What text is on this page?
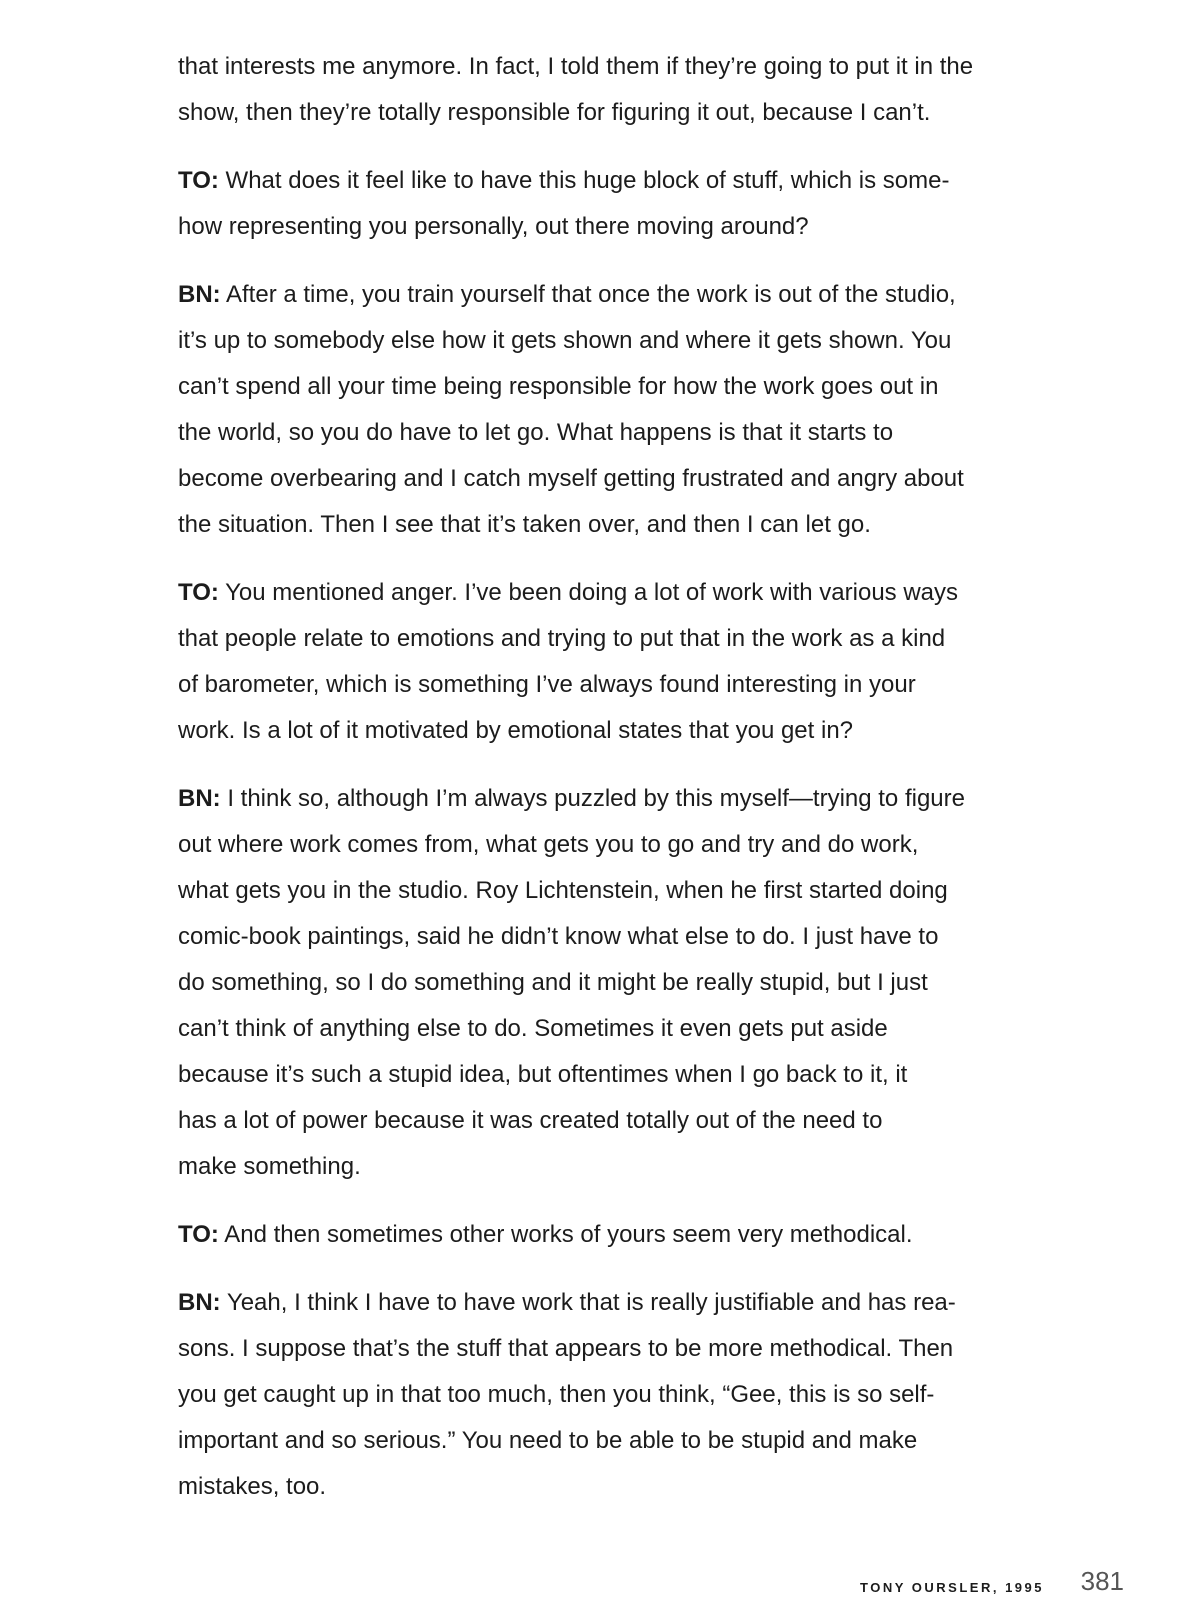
that interests me anymore. In fact, I told them if they’re going to put it in the
show, then they’re totally responsible for figuring it out, because I can’t.

TO: What does it feel like to have this huge block of stuff, which is some-
how representing you personally, out there moving around?

BN: After a time, you train yourself that once the work is out of the studio,
it’s up to somebody else how it gets shown and where it gets shown. You
can’t spend all your time being responsible for how the work goes out in
the world, so you do have to let go. What happens is that it starts to
become overbearing and I catch myself getting frustrated and angry about
the situation. Then I see that it’s taken over, and then I can let go.

TO: You mentioned anger. I’ve been doing a lot of work with various ways
that people relate to emotions and trying to put that in the work as a kind
of barometer, which is something I’ve always found interesting in your
work. Is a lot of it motivated by emotional states that you get in?

BN: I think so, although I’m always puzzled by this myself—trying to figure
out where work comes from, what gets you to go and try and do work,
what gets you in the studio. Roy Lichtenstein, when he first started doing
comic-book paintings, said he didn’t know what else to do. I just have to
do something, so I do something and it might be really stupid, but I just
can’t think of anything else to do. Sometimes it even gets put aside
because it’s such a stupid idea, but oftentimes when I go back to it, it
has a lot of power because it was created totally out of the need to
make something.

TO: And then sometimes other works of yours seem very methodical.

BN: Yeah, I think I have to have work that is really justifiable and has rea-
sons. I suppose that’s the stuff that appears to be more methodical. Then
you get caught up in that too much, then you think, “Gee, this is so self-
important and so serious.” You need to be able to be stupid and make
mistakes, too.

TONY OURSLER, 1995 381
